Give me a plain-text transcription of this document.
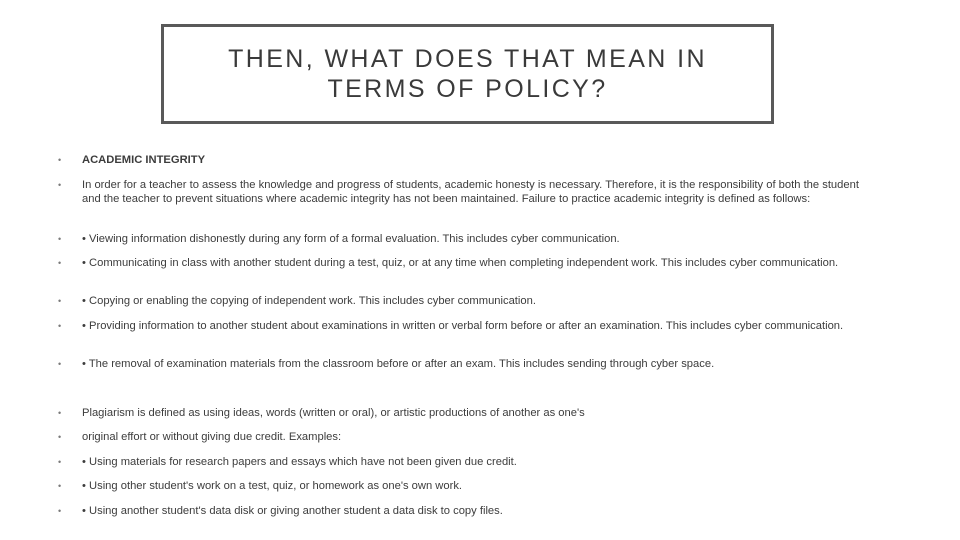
THEN, WHAT DOES THAT MEAN IN
TERMS OF POLICY?
• ACADEMIC INTEGRITY
• In order for a teacher to assess the knowledge and progress of students, academic honesty is necessary. Therefore, it is the responsibility of both the student and the teacher to prevent situations where academic integrity has not been maintained. Failure to practice academic integrity is defined as follows:
• • Viewing information dishonestly during any form of a formal evaluation. This includes cyber communication.
• • Communicating in class with another student during a test, quiz, or at any time when completing independent work. This includes cyber communication.
• • Copying or enabling the copying of independent work. This includes cyber communication.
• • Providing information to another student about examinations in written or verbal form before or after an examination. This includes cyber communication.
• • The removal of examination materials from the classroom before or after an exam. This includes sending through cyber space.
• Plagiarism is defined as using ideas, words (written or oral), or artistic productions of another as one's
• original effort or without giving due credit. Examples:
• • Using materials for research papers and essays which have not been given due credit.
• • Using other student's work on a test, quiz, or homework as one's own work.
• • Using another student's data disk or giving another student a data disk to copy files.
